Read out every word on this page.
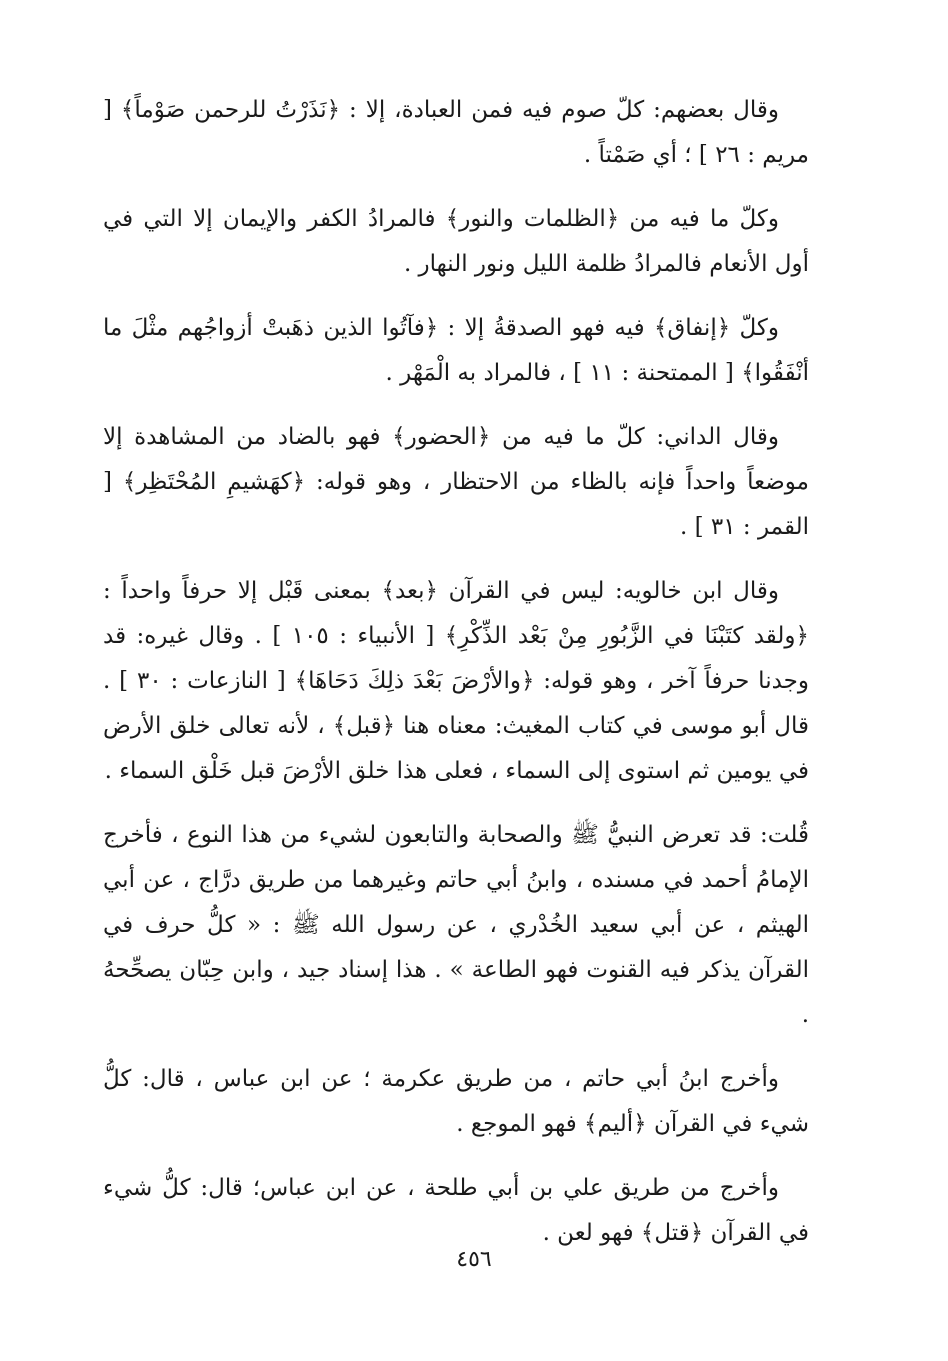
وقال بعضهم: كلّ صوم فيه فمن العبادة، إلا : ﴿نَذَرْتُ للرحمن صَوْماً﴾ [ مريم : ٢٦ ] ؛ أي صَمْتاً .

وكلّ ما فيه من ﴿الظلمات والنور﴾ فالمرادُ الكفر والإيمان إلا التي في أول الأنعام فالمرادُ ظلمة الليل ونور النهار .

وكلّ ﴿إنفاق﴾ فيه فهو الصدقةُ إلا : ﴿فآتُوا الذين ذهَبتْ أزواجُهم مثْلَ ما أنْفَقُوا﴾ [ الممتحنة : ١١ ] ، فالمراد به الْمَهْر .

وقال الداني: كلّ ما فيه من ﴿الحضور﴾ فهو بالضاد من المشاهدة إلا موضعاً واحداً فإنه بالظاء من الاحتظار ، وهو قوله: ﴿كهَشيمِ المُحْتَظِر﴾ [ القمر : ٣١ ] .

وقال ابن خالويه: ليس في القرآن ﴿بعد﴾ بمعنى قَبْل إلا حرفاً واحداً : ﴿ولقد كتَبْنَا في الزَّبُورِ مِنْ بَعْد الذِّكْرِ﴾ [ الأنبياء : ١٠٥ ] . وقال غيره: قد وجدنا حرفاً آخر ، وهو قوله: ﴿والأرْضَ بَعْدَ ذلِكَ دَحَاهَا﴾ [ النازعات : ٣٠ ] . قال أبو موسى في كتاب المغيث: معناه هنا ﴿قبل﴾ ، لأنه تعالى خلق الأرض في يومين ثم استوى إلى السماء ، فعلى هذا خلق الأرْضَ قبل خَلْق السماء .

قُلت: قد تعرض النبيُّ ﷺ والصحابة والتابعون لشيء من هذا النوع ، فأخرج الإمامُ أحمد في مسنده ، وابنُ أبي حاتم وغيرهما من طريق درَّاج ، عن أبي الهيثم ، عن أبي سعيد الخُدْري ، عن رسول الله ﷺ : « كلُّ حرف في القرآن يذكر فيه القنوت فهو الطاعة » . هذا إسناد جيد ، وابن حِبّان يصحِّحهُ .

وأخرج ابنُ أبي حاتم ، من طريق عكرمة ؛ عن ابن عباس ، قال: كلُّ شيء في القرآن ﴿أليم﴾ فهو الموجع .

وأخرج من طريق علي بن أبي طلحة ، عن ابن عباس؛ قال: كلُّ شيء في القرآن ﴿قتل﴾ فهو لعن .

٤٥٦
